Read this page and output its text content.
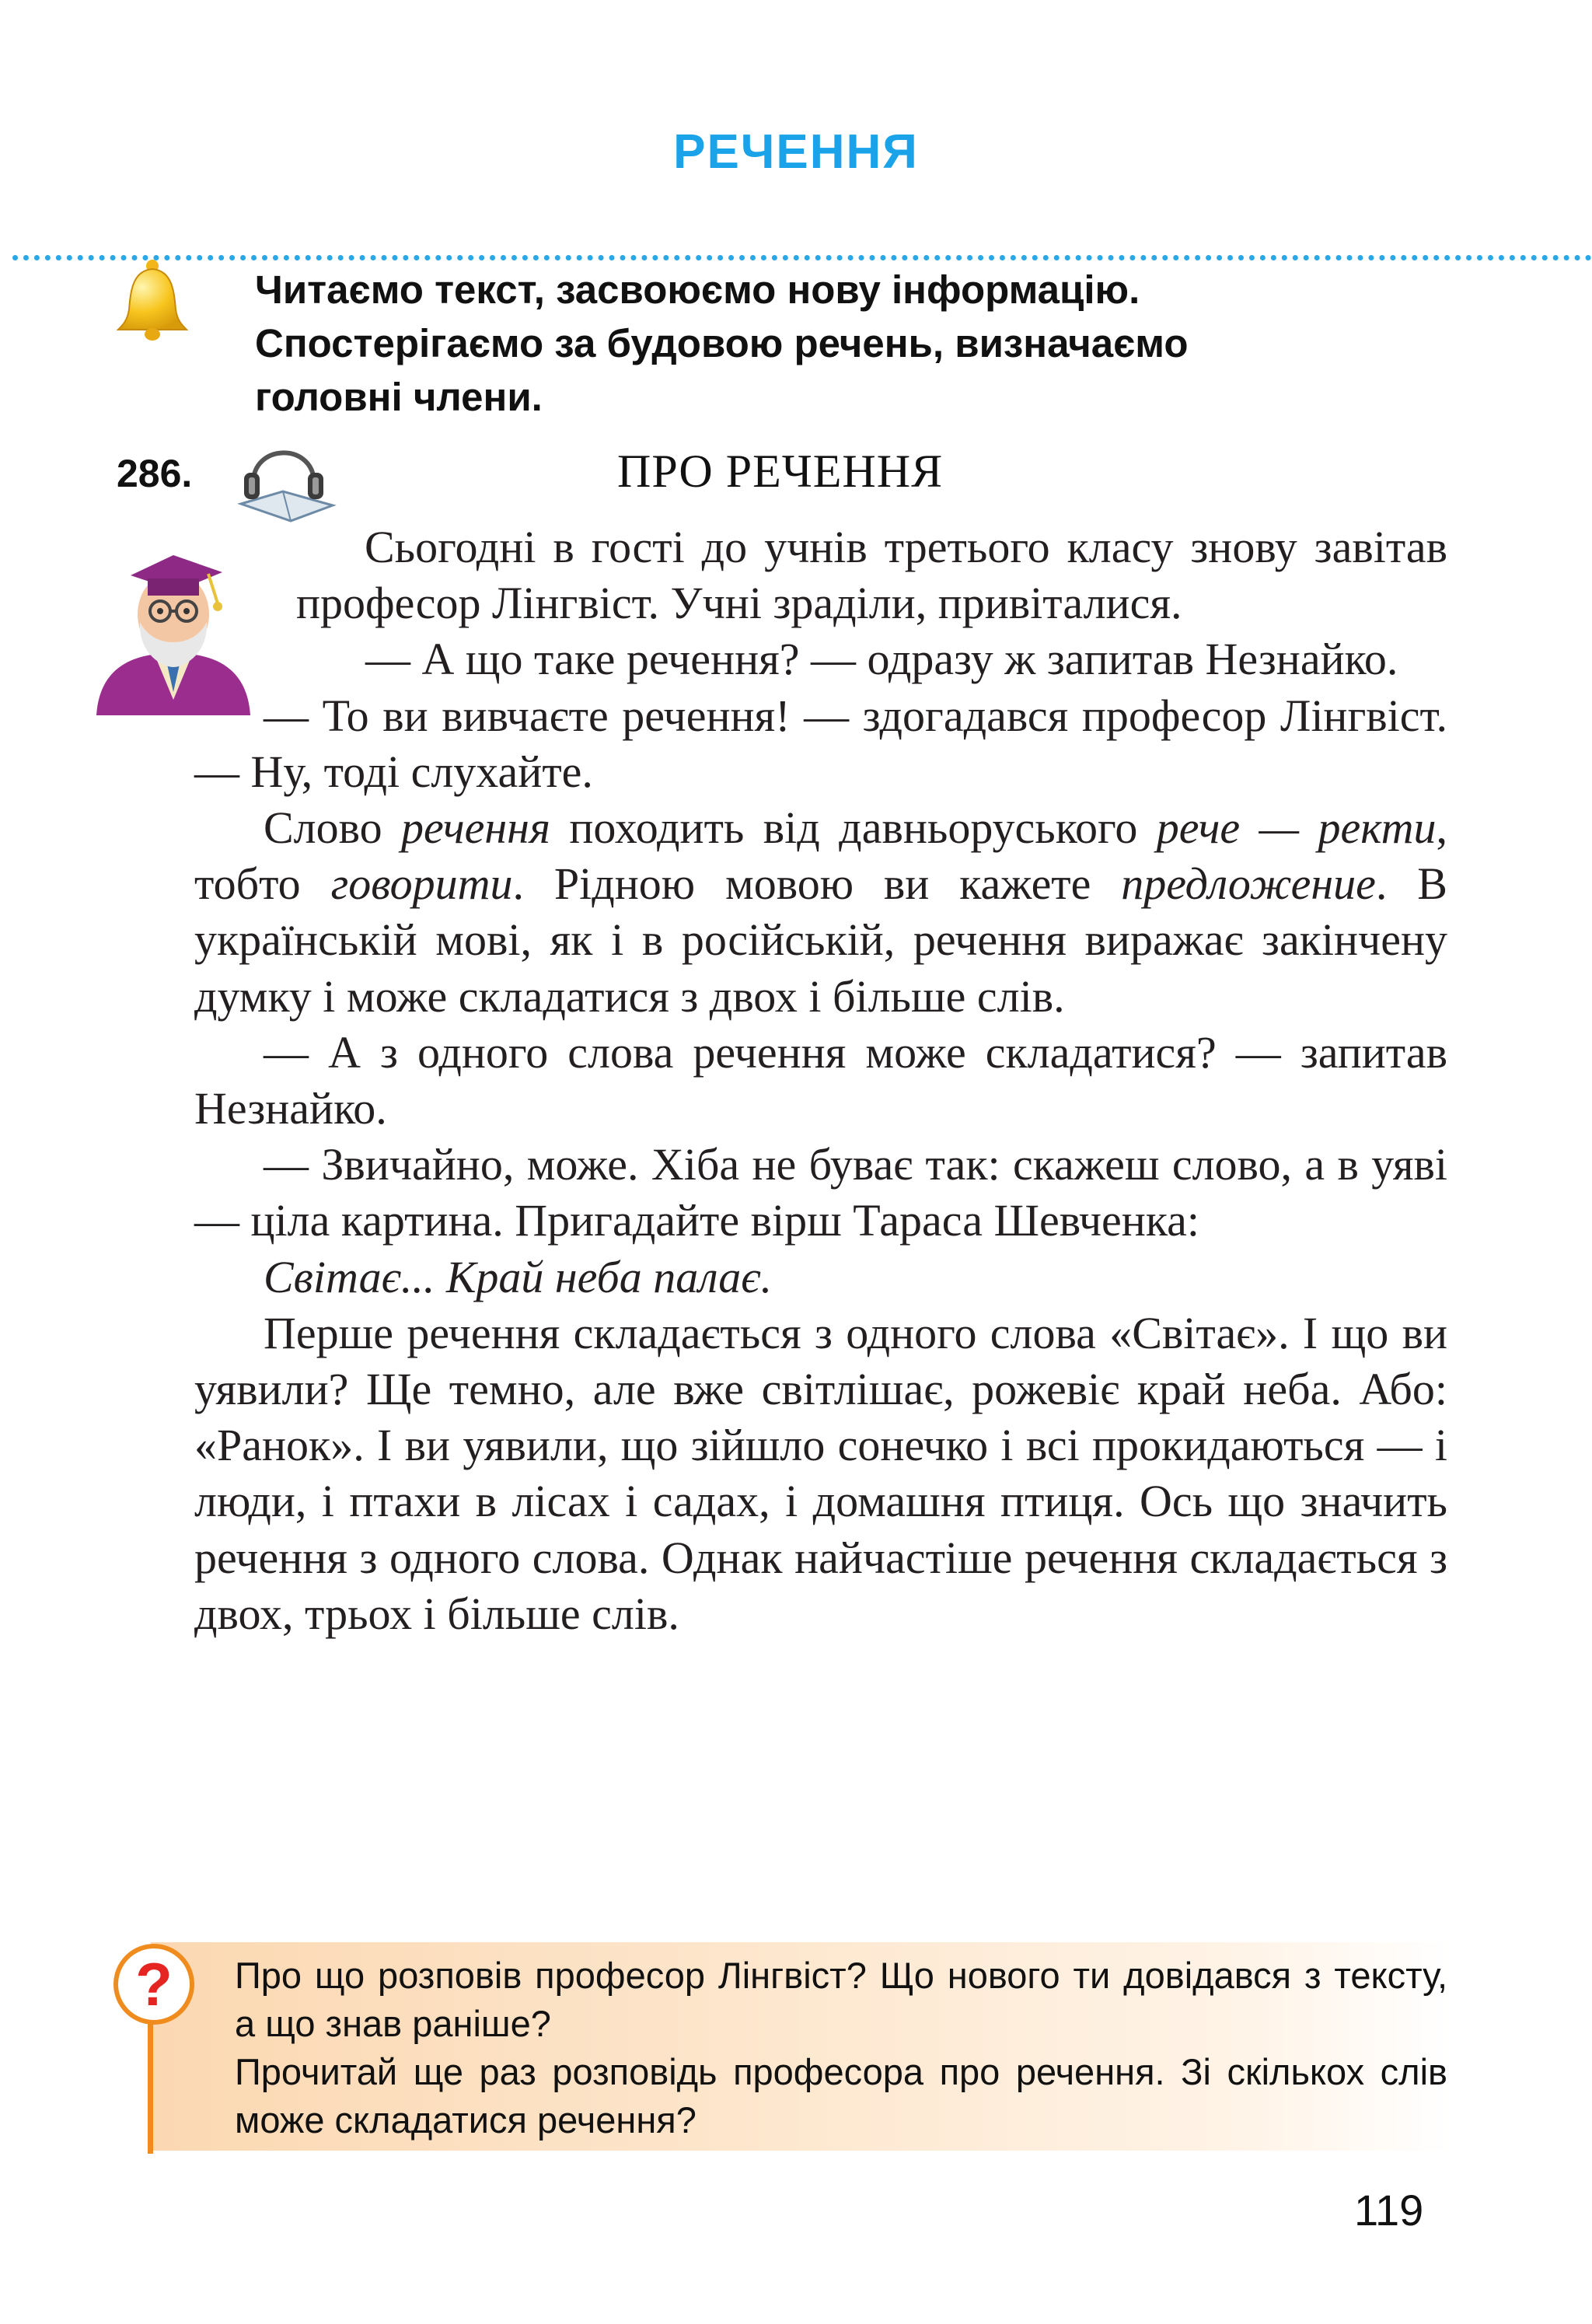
РЕЧЕННЯ
Читаємо текст, засвоюємо нову інформацію.
Спостерігаємо за будовою речень, визначаємо
головні члени.
286.	ПРО РЕЧЕННЯ

Сьогодні в гості до учнів третього класу знову завітав професор Лінгвіст. Учні зраділи, привіталися.

— А що таке речення? — одразу ж запитав Незнайко.

— То ви вивчаєте речення! — здогадався професор Лінгвіст. — Ну, тоді слухайте.

Слово речення походить від давньоруського рече — ректи, тобто говорити. Рідною мовою ви кажете предложение. В українській мові, як і в російській, речення виражає закінчену думку і може складатися з двох і більше слів.

— А з одного слова речення може складатися? — запитав Незнайко.

— Звичайно, може. Хіба не буває так: скажеш слово, а в уяві — ціла картина. Пригадайте вірш Тараса Шевченка:

Світає... Край неба палає.

Перше речення складається з одного слова «Світає». І що ви уявили? Ще темно, але вже світлішає, рожевіє край неба. Або: «Ранок». І ви уявили, що зійшло сонечко і всі прокидаються — і люди, і птахи в лісах і садах, і домашня птиця. Ось що значить речення з одного слова. Однак найчастіше речення складається з двох, трьох і більше слів.

?	Про що розповів професор Лінгвіст? Що нового ти довідався з тексту, а що знав раніше?

Прочитай ще раз розповідь професора про речення. Зі скількох слів може складатися речення?

119
